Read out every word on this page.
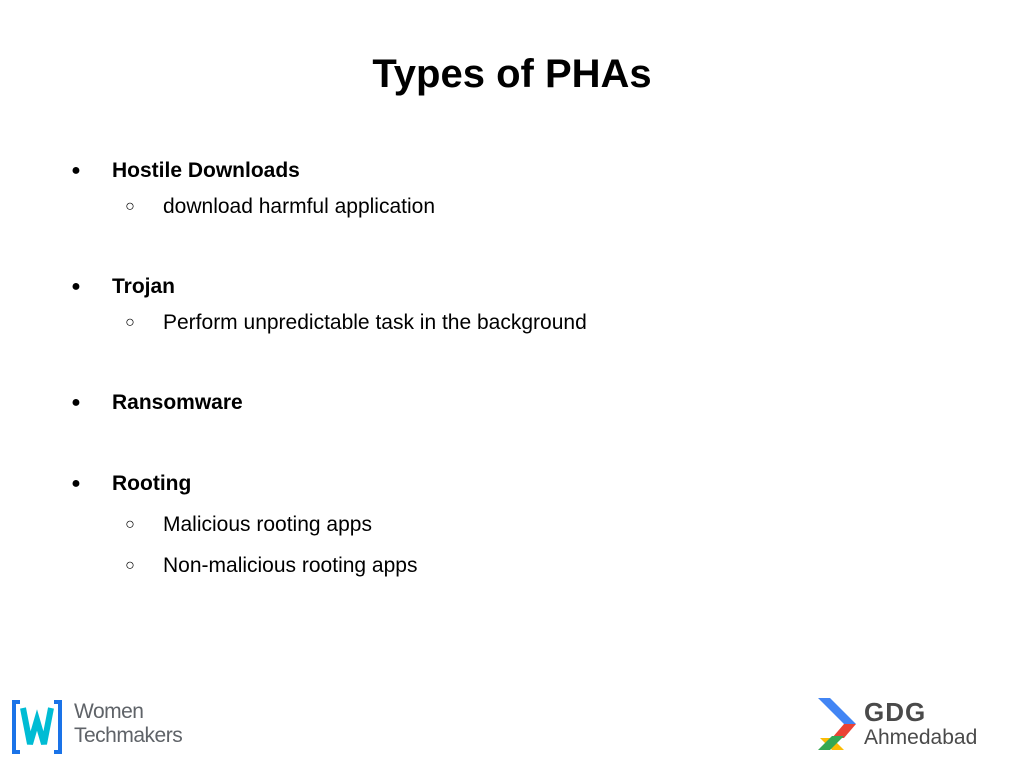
Types of PHAs
●	Hostile Downloads
○	download harmful application
●	Trojan
○	Perform unpredictable task in the background
●	Ransomware
●	Rooting
○	Malicious rooting apps
○	Non-malicious rooting apps
Women
Techmakers
GDG
Ahmedabad
